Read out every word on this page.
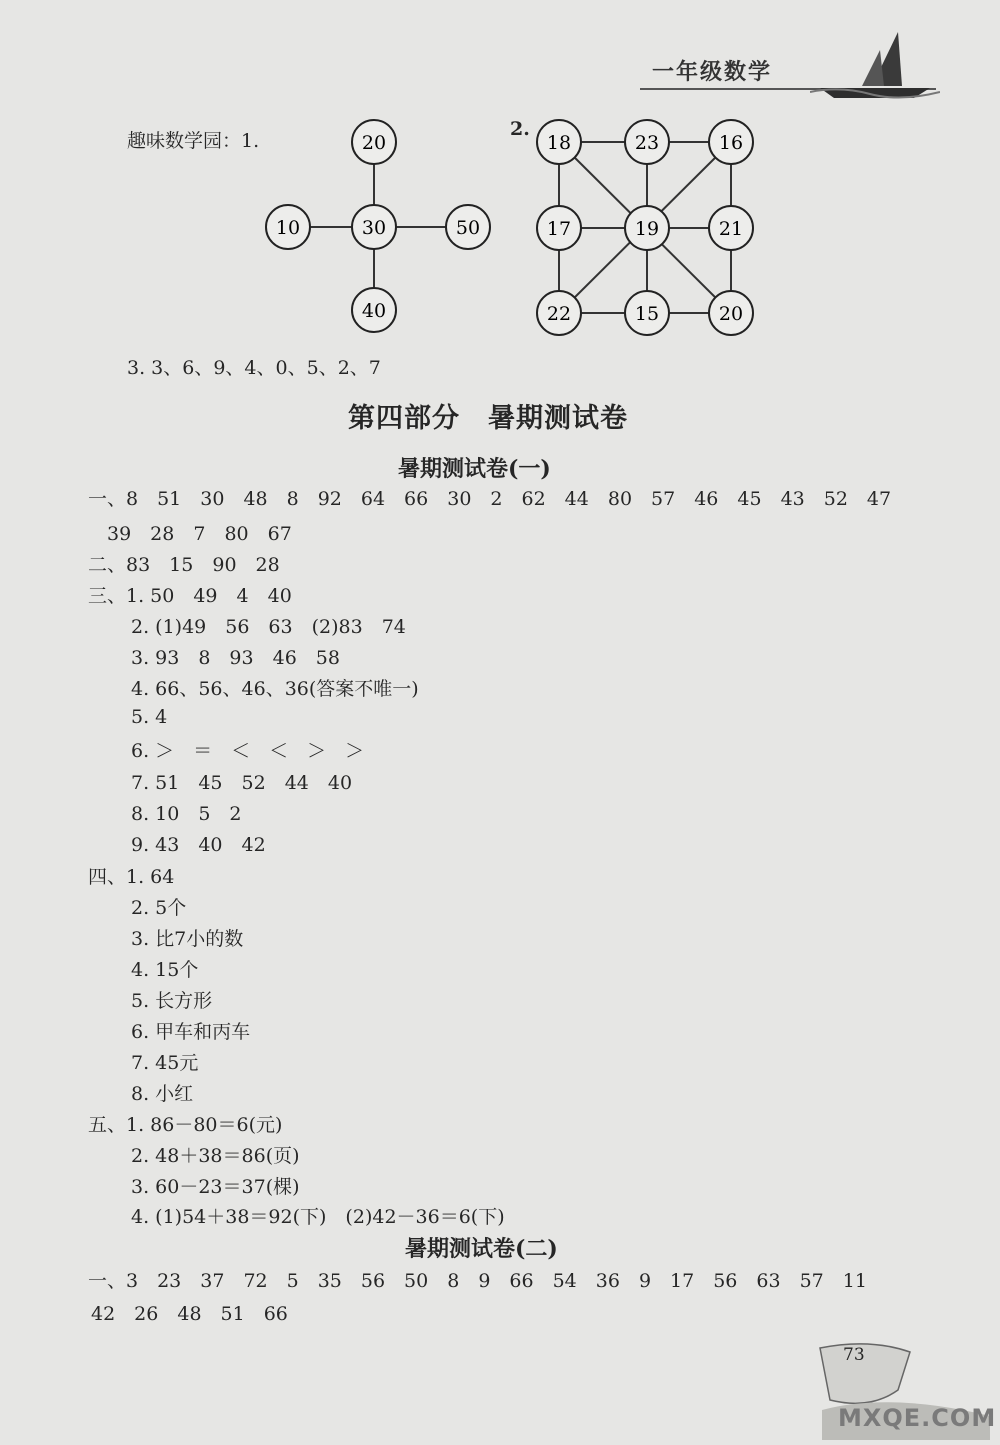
一年级数学
趣味数学园：1.	20
10	30	50
40
2.
18	23	16
17	19	21
22	15	20
3. 3、6、9、4、0、5、2、7
第四部分　暑期测试卷
暑期测试卷(一)
一、8　51　30　48　8　92　64　66　30　2　62　44　80　57　46　45　43　52　47
39　28　7　80　67
二、83　15　90　28
三、1. 50　49　4　40
2. (1)49　56　63　(2)83　74
3. 93　8　93　46　58
4. 66、56、46、36(答案不唯一)
5. 4
6. ＞　＝　＜　＜　＞　＞
7. 51　45　52　44　40
8. 10　5　2
9. 43　40　42
四、1. 64
2. 5个
3. 比7小的数
4. 15个
5. 长方形
6. 甲车和丙车
7. 45元
8. 小红
五、1. 86－80＝6(元)
2. 48＋38＝86(页)
3. 60－23＝37(棵)
4. (1)54＋38＝92(下)　(2)42－36＝6(下)
暑期测试卷(二)
一、3　23　37　72　5　35　56　50　8　9　66　54　36　9　17　56　63　57　11
42　26　48　51　66
73
MXQE.COM
